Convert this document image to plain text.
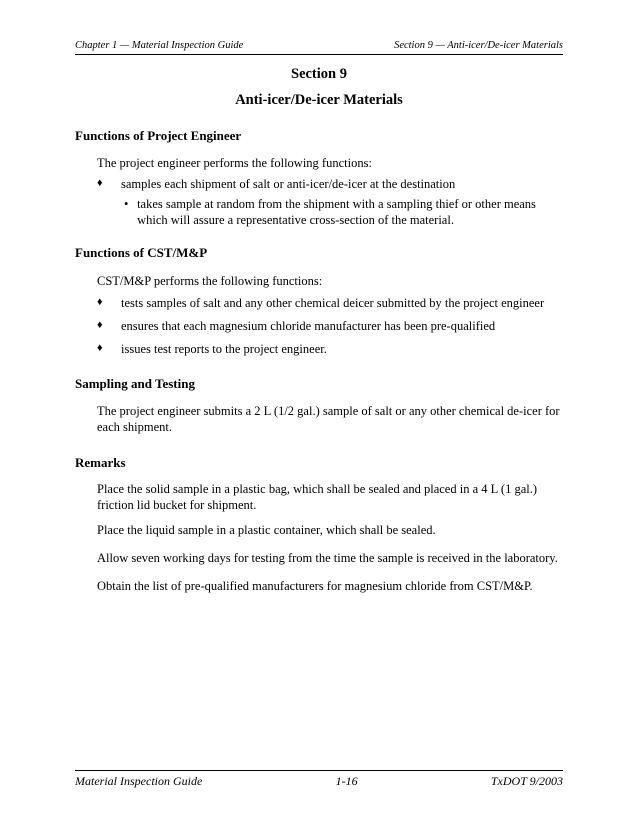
Chapter 1 — Material Inspection Guide	Section 9 — Anti-icer/De-icer Materials
Section 9
Anti-icer/De-icer Materials
Functions of Project Engineer
The project engineer performs the following functions:
♦	samples each shipment of salt or anti-icer/de-icer at the destination
• takes sample at random from the shipment with a sampling thief or other means which will assure a representative cross-section of the material.
Functions of CST/M&P
CST/M&P performs the following functions:
♦	tests samples of salt and any other chemical deicer submitted by the project engineer
♦	ensures that each magnesium chloride manufacturer has been pre-qualified
♦	issues test reports to the project engineer.
Sampling and Testing
The project engineer submits a 2 L (1/2 gal.) sample of salt or any other chemical de-icer for each shipment.
Remarks
Place the solid sample in a plastic bag, which shall be sealed and placed in a 4 L (1 gal.) friction lid bucket for shipment.
Place the liquid sample in a plastic container, which shall be sealed.
Allow seven working days for testing from the time the sample is received in the laboratory.
Obtain the list of pre-qualified manufacturers for magnesium chloride from CST/M&P.
Material Inspection Guide	1-16	TxDOT 9/2003
